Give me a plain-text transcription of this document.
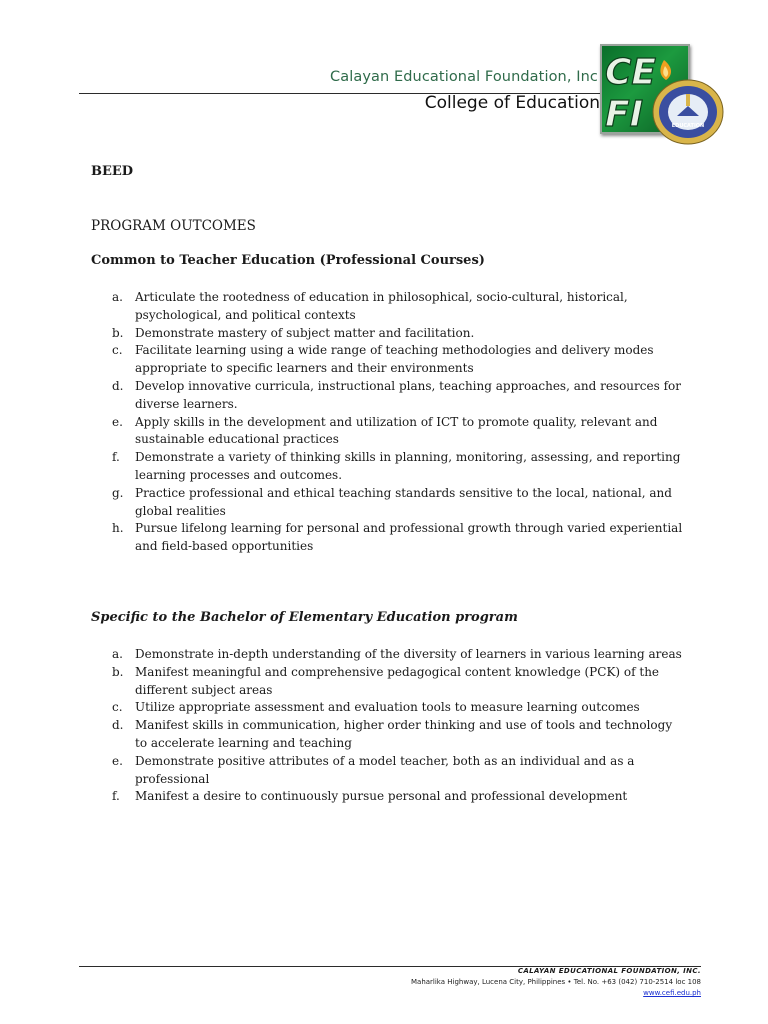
Calayan Educational Foundation, Inc
College of Education
CE
FI	EDUCATION
BEED
PROGRAM OUTCOMES
Common to Teacher Education (Professional Courses)
a.	Articulate the rootedness of education in philosophical, socio-cultural, historical, psychological, and political contexts
b. Demonstrate mastery of subject matter and facilitation.
c.	Facilitate learning using a wide range of teaching methodologies and delivery modes appropriate to specific learners and their environments
d. Develop innovative curricula, instructional plans, teaching approaches, and resources for diverse learners.
e.	Apply skills in the development and utilization of ICT to promote quality, relevant and sustainable educational practices
f.	Demonstrate a variety of thinking skills in planning, monitoring, assessing, and reporting learning processes and outcomes.
g. Practice professional and ethical teaching standards sensitive to the local, national, and global realities
h. Pursue lifelong learning for personal and professional growth through varied experiential and field-based opportunities
Specific to the Bachelor of Elementary Education program
a.	Demonstrate in-depth understanding of the diversity of learners in various learning areas
b. Manifest meaningful and comprehensive pedagogical content knowledge (PCK) of the different subject areas
c.	Utilize appropriate assessment and evaluation tools to measure learning outcomes
d. Manifest skills in communication, higher order thinking and use of tools and technology to accelerate learning and teaching
e.	Demonstrate positive attributes of a model teacher, both as an individual and as a professional
f.	Manifest a desire to continuously pursue personal and professional development
CALAYAN EDUCATIONAL FOUNDATION, INC.
Maharlika Highway, Lucena City, Philippines • Tel. No. +63 (042) 710-2514 loc 108
www.cefi.edu.ph
